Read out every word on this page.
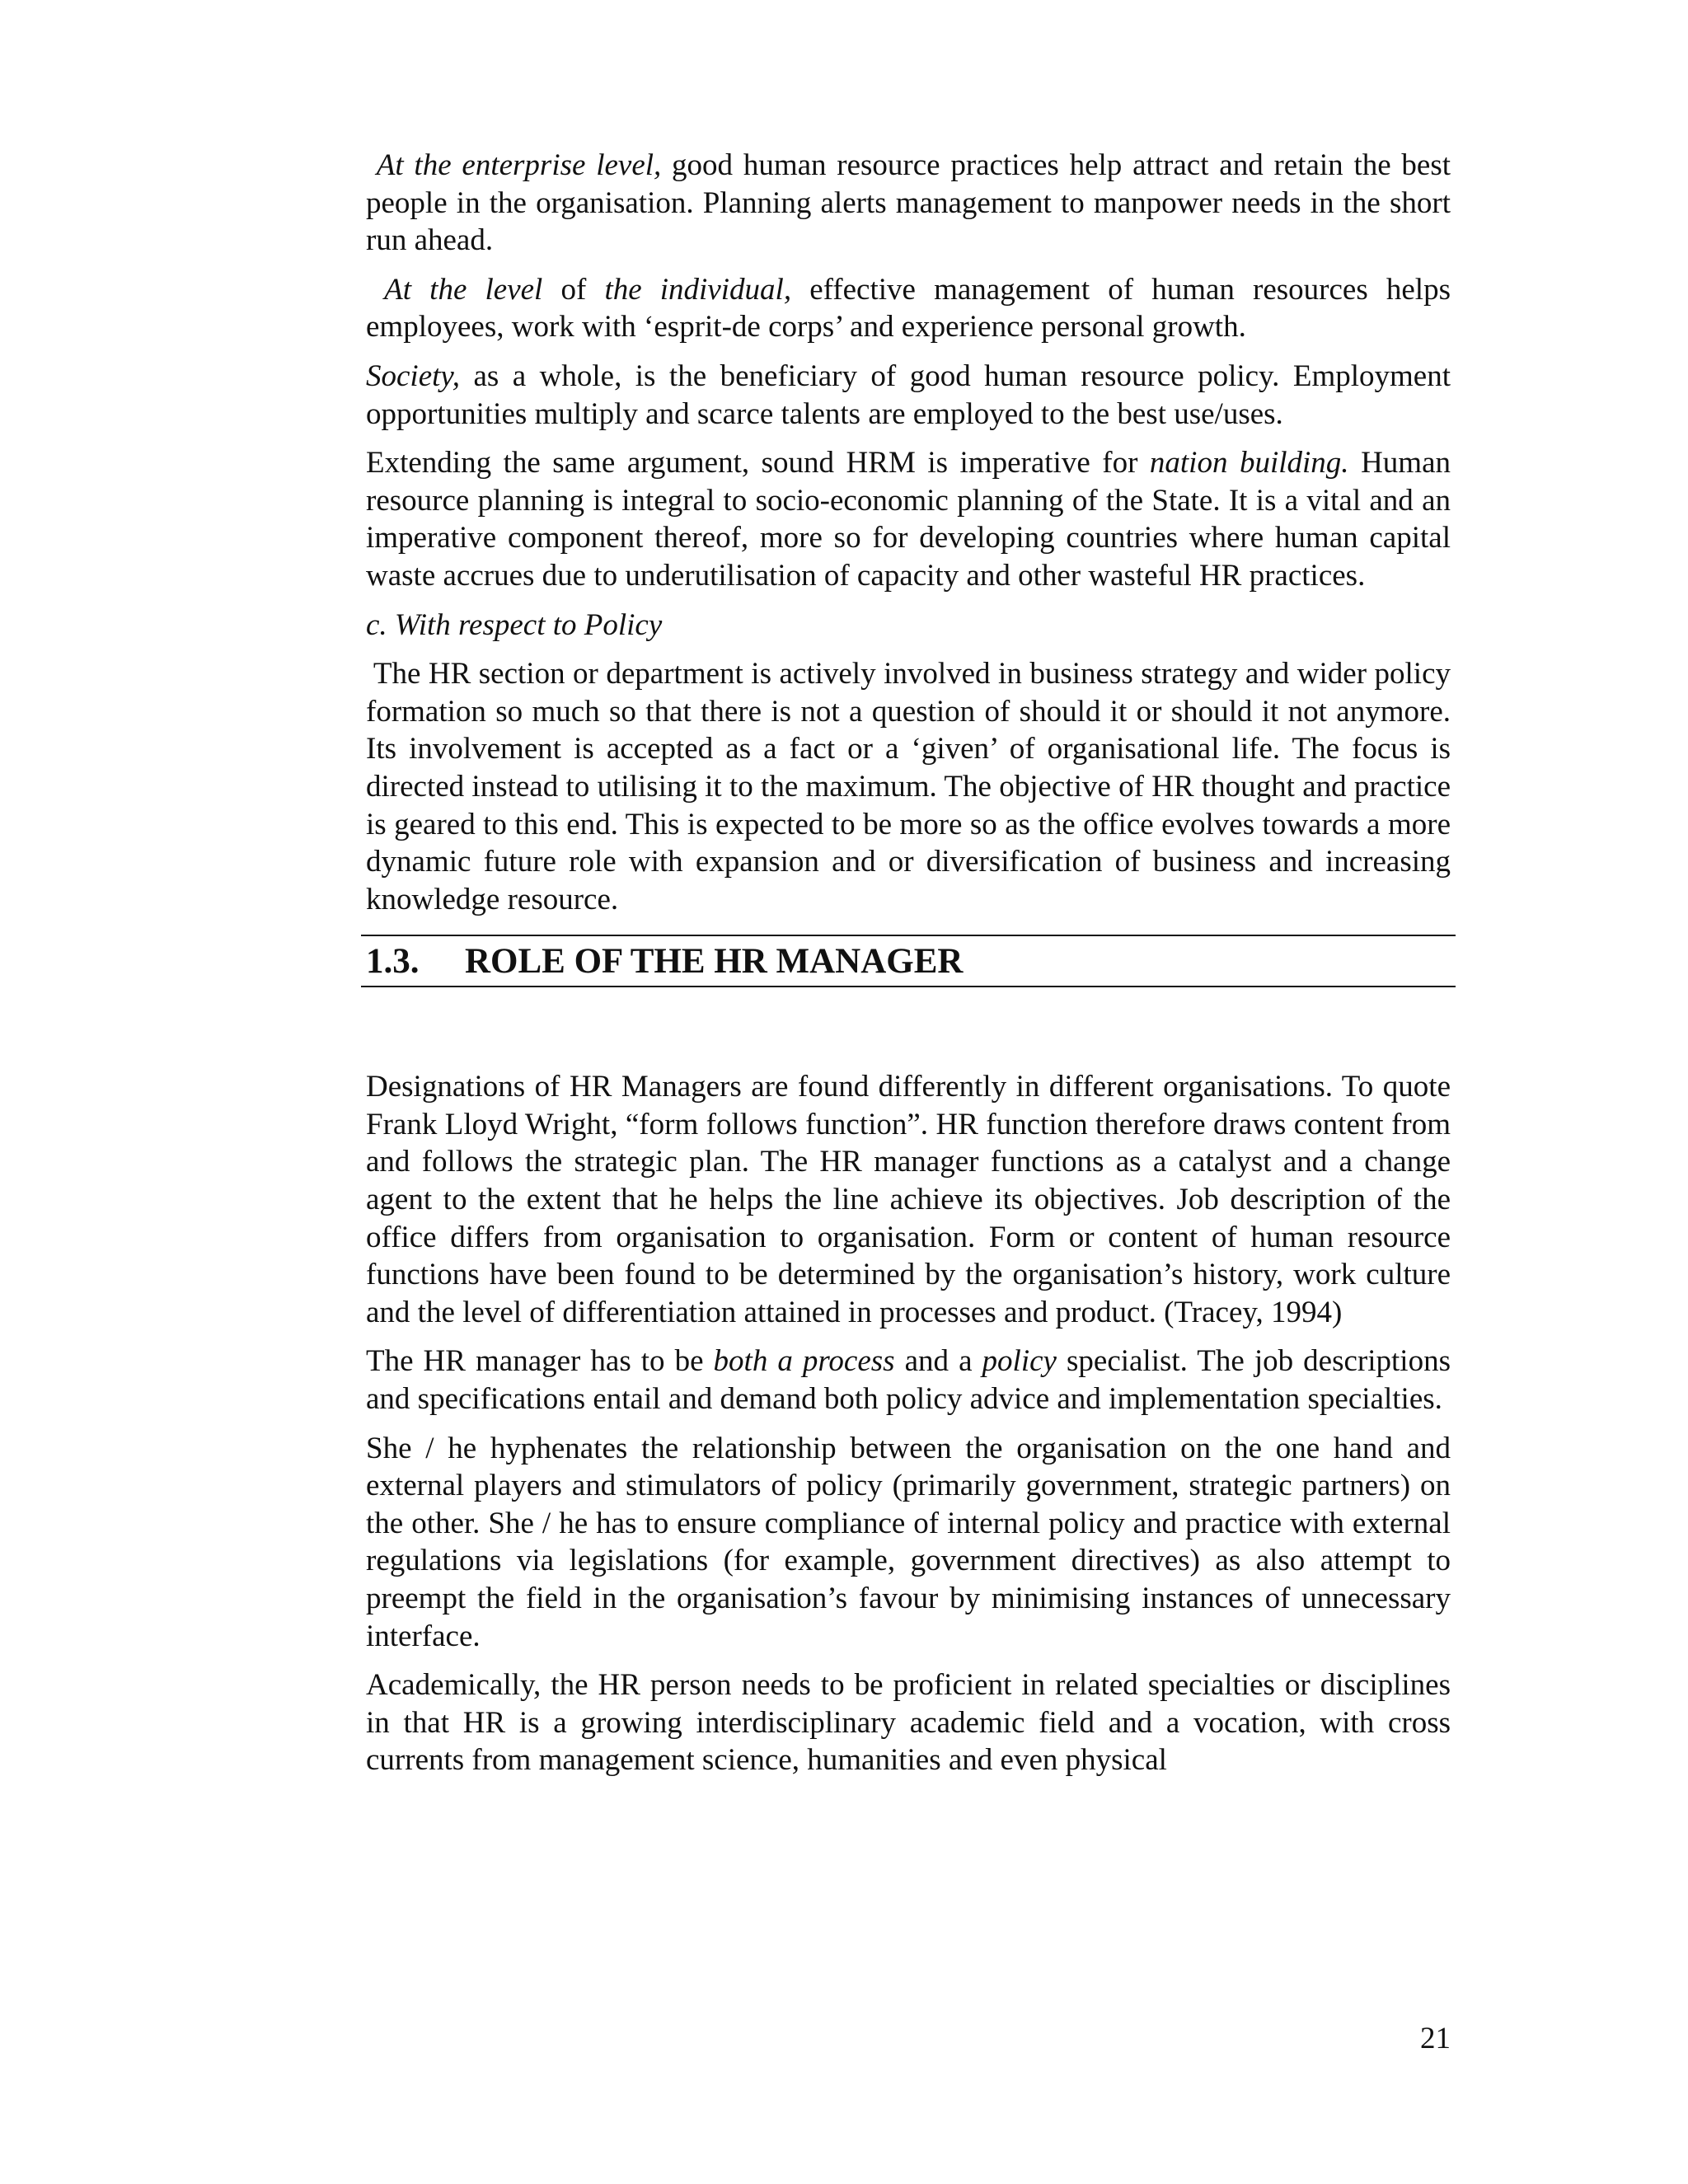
At the enterprise level, good human resource practices help attract and retain the best people in the organisation. Planning alerts management to manpower needs in the short run ahead.

At the level of the individual, effective management of human resources helps employees, work with ‘esprit-de corps’ and experience personal growth.

Society, as a whole, is the beneficiary of good human resource policy. Employment opportunities multiply and scarce talents are employed to the best use/uses.

Extending the same argument, sound HRM is imperative for nation building. Human resource planning is integral to socio-economic planning of the State. It is a vital and an imperative component thereof, more so for developing countries where human capital waste accrues due to underutilisation of capacity and other wasteful HR practices.

c. With respect to Policy

The HR section or department is actively involved in business strategy and wider policy formation so much so that there is not a question of should it or should it not anymore. Its involvement is accepted as a fact or a ‘given’ of organisational life. The focus is directed instead to utilising it to the maximum. The objective of HR thought and practice is geared to this end. This is expected to be more so as the office evolves towards a more dynamic future role with expansion and or diversification of business and increasing knowledge resource.

1.3. ROLE OF THE HR MANAGER

Designations of HR Managers are found differently in different organisations. To quote Frank Lloyd Wright, “form follows function”. HR function therefore draws content from and follows the strategic plan. The HR manager functions as a catalyst and a change agent to the extent that he helps the line achieve its objectives. Job description of the office differs from organisation to organisation. Form or content of human resource functions have been found to be determined by the organisation’s history, work culture and the level of differentiation attained in processes and product. (Tracey, 1994)

The HR manager has to be both a process and a policy specialist. The job descriptions and specifications entail and demand both policy advice and implementation specialties.

She / he hyphenates the relationship between the organisation on the one hand and external players and stimulators of policy (primarily government, strategic partners) on the other. She / he has to ensure compliance of internal policy and practice with external regulations via legislations (for example, government directives) as also attempt to preempt the field in the organisation’s favour by minimising instances of unnecessary interface.

Academically, the HR person needs to be proficient in related specialties or disciplines in that HR is a growing interdisciplinary academic field and a vocation, with cross currents from management science, humanities and even physical

21
